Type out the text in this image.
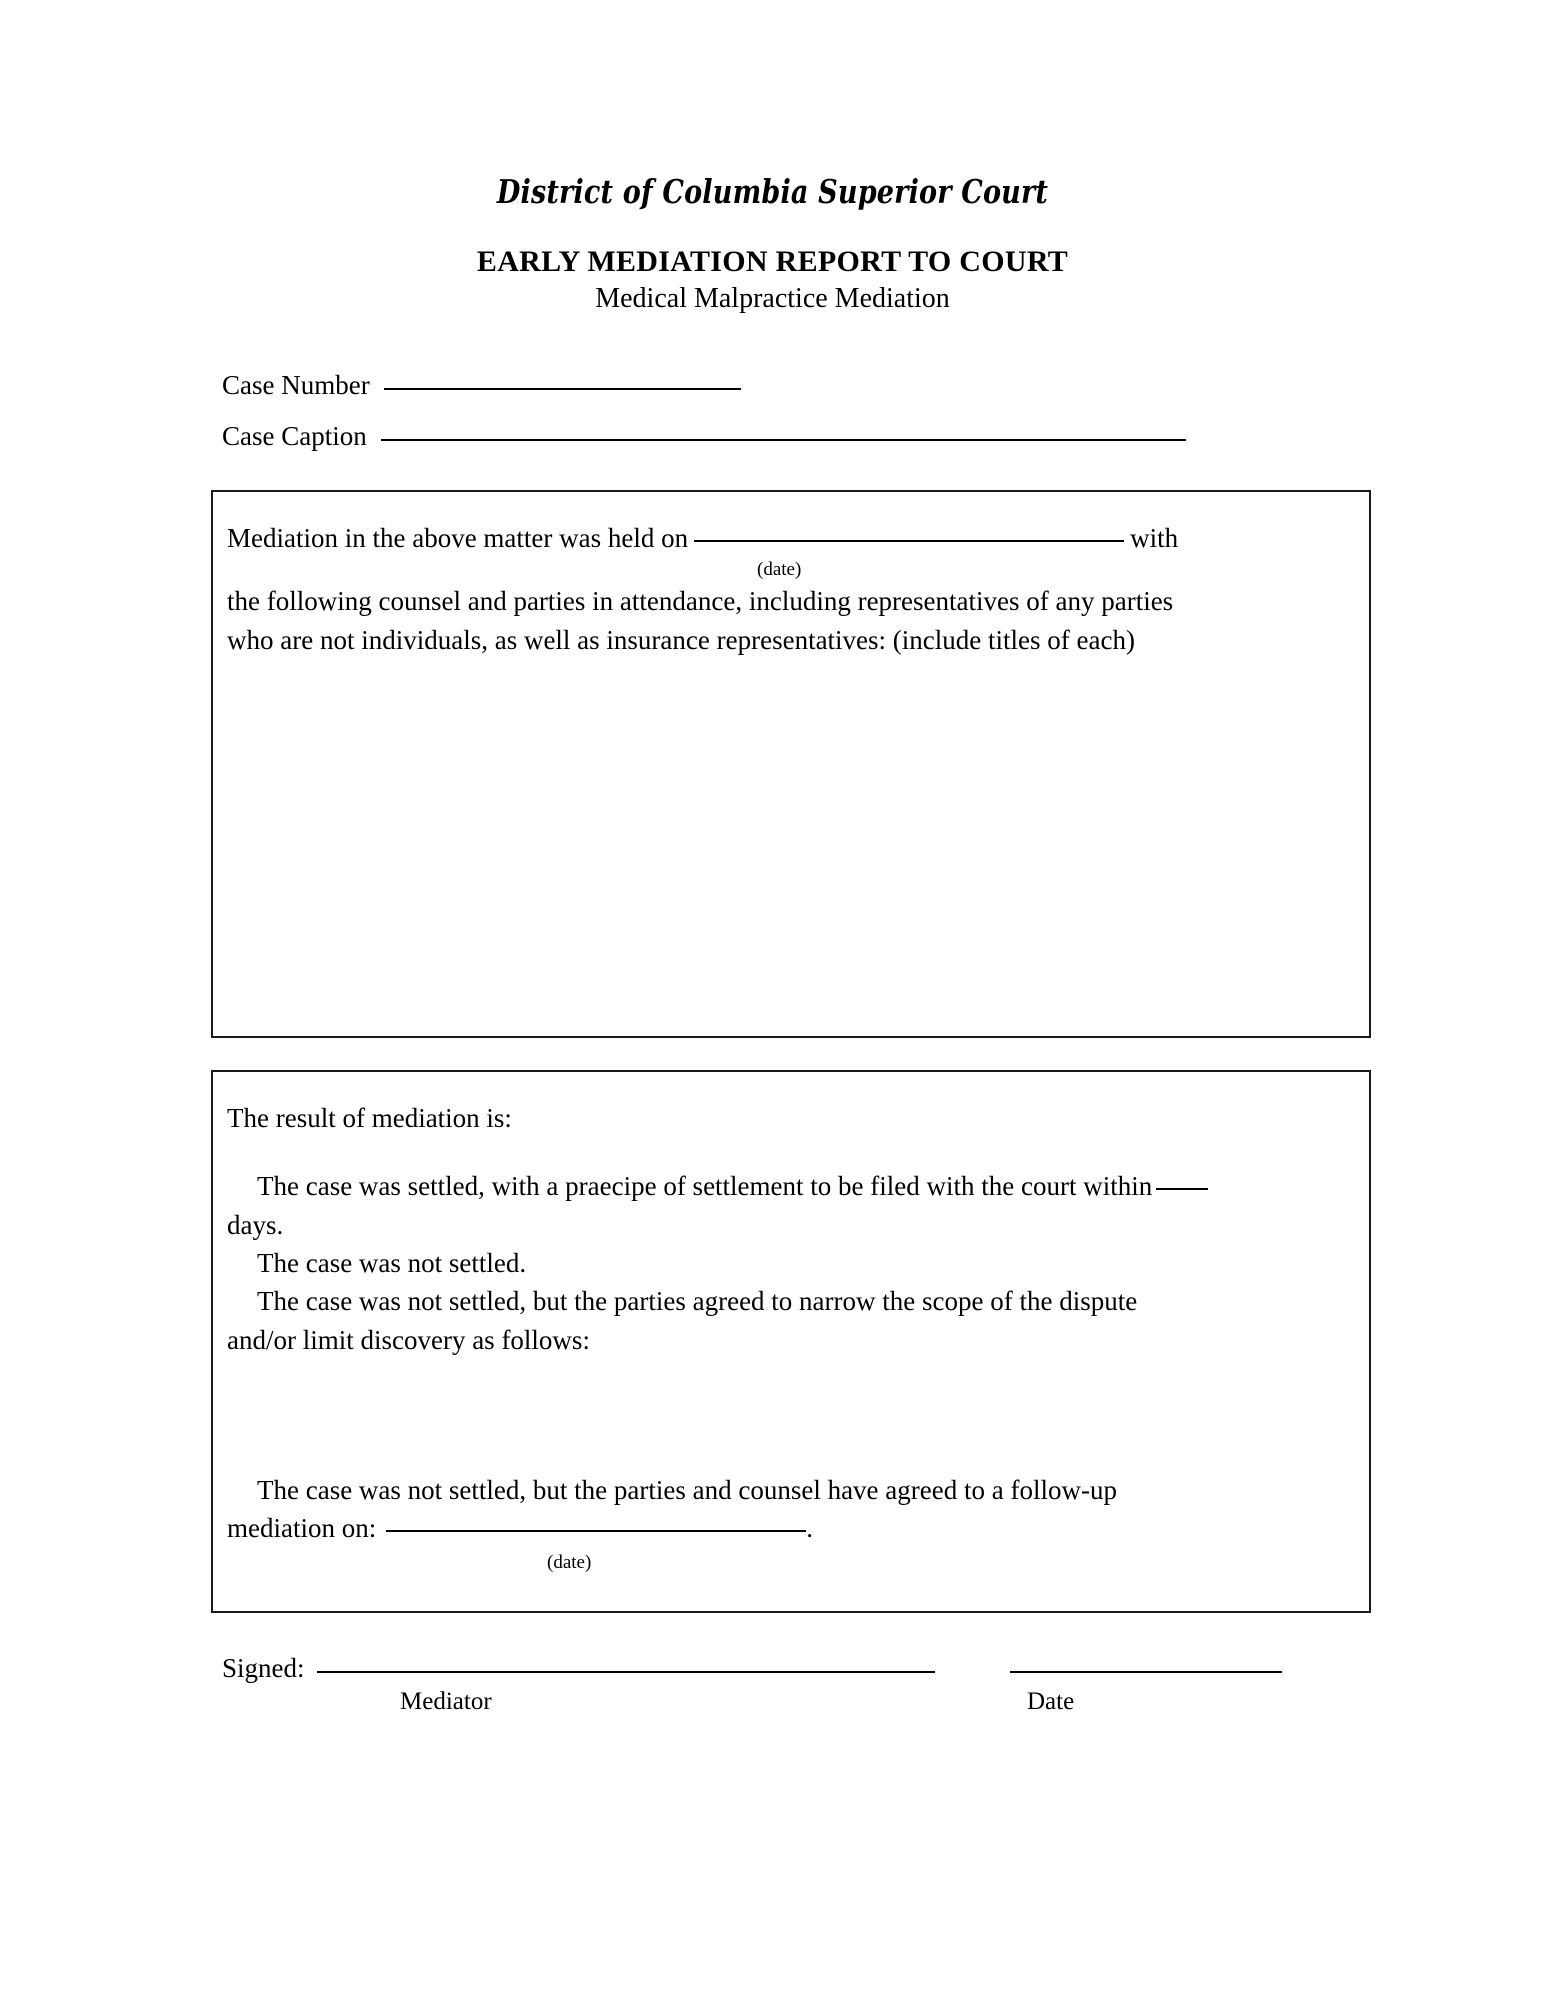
District of Columbia Superior Court
EARLY MEDIATION REPORT TO COURT
Medical Malpractice Mediation
Case Number
Case Caption
Mediation in the above matter was held on	with
(date)
the following counsel and parties in attendance, including representatives of any parties
who are not individuals, as well as insurance representatives: (include titles of each)
The result of mediation is:
The case was settled, with a praecipe of settlement to be filed with the court within
days.
The case was not settled.
The case was not settled, but the parties agreed to narrow the scope of the dispute
and/or limit discovery as follows:
The case was not settled, but the parties and counsel have agreed to a follow-up
mediation on:	.
(date)
Signed:
Mediator	Date
